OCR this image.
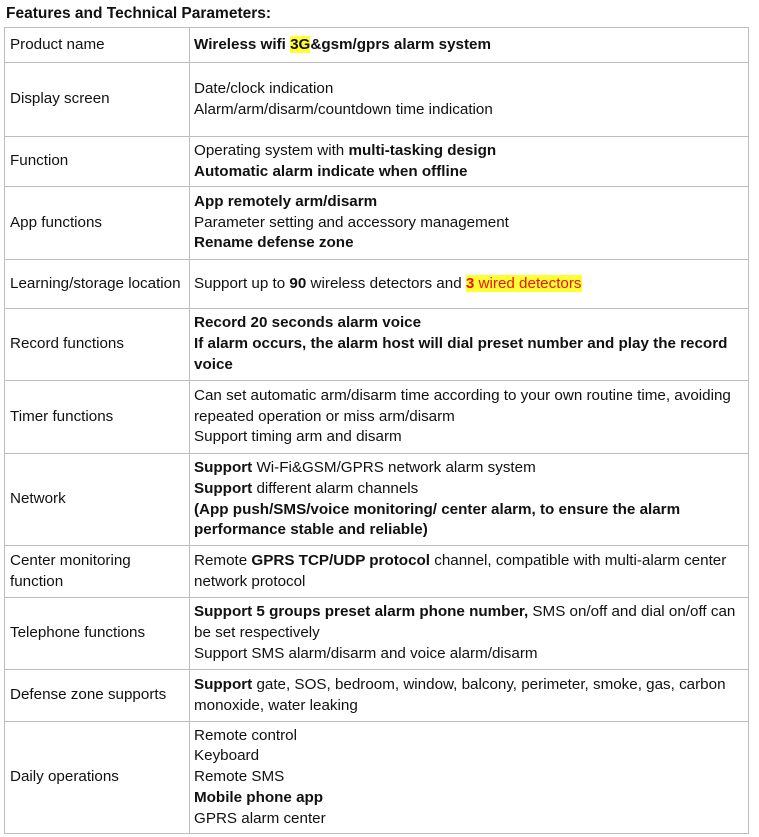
Features and Technical Parameters:
Product name	Wireless wifi 3G&gsm/gprs alarm system

Display screen	Date/clock indication
Alarm/arm/disarm/countdown time indication

Function	Operating system with multi-tasking design
Automatic alarm indicate when offline

App functions	App remotely arm/disarm
Parameter setting and accessory management
Rename defense zone

Learning/storage location	Support up to 90 wireless detectors and 3 wired detectors

Record functions	Record 20 seconds alarm voice
If alarm occurs, the alarm host will dial preset number and play the record voice

Timer functions	Can set automatic arm/disarm time according to your own routine time, avoiding repeated operation or miss arm/disarm
Support timing arm and disarm

Network	Support Wi-Fi&GSM/GPRS network alarm system
Support different alarm channels
(App push/SMS/voice monitoring/ center alarm, to ensure the alarm performance stable and reliable)

Center monitoring function	Remote GPRS TCP/UDP protocol channel, compatible with multi-alarm center network protocol

Telephone functions	Support 5 groups preset alarm phone number, SMS on/off and dial on/off can be set respectively
Support SMS alarm/disarm and voice alarm/disarm

Defense zone supports	Support gate, SOS, bedroom, window, balcony, perimeter, smoke, gas, carbon monoxide, water leaking

Daily operations	Remote control
Keyboard
Remote SMS
Mobile phone app
GPRS alarm center
